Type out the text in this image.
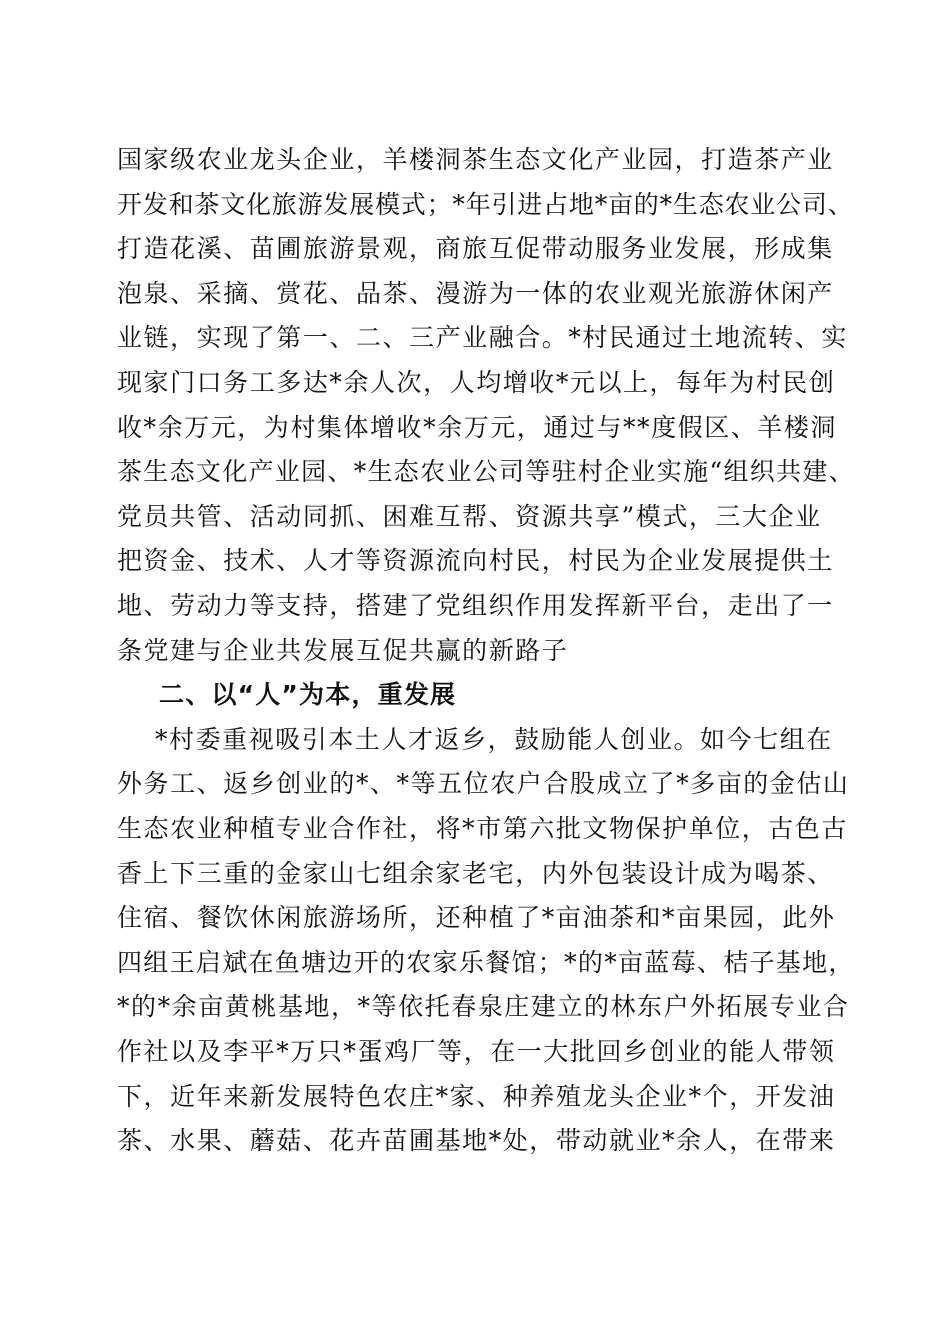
国家级农业龙头企业，羊楼洞茶生态文化产业园，打造茶产业
开发和茶文化旅游发展模式；*年引进占地*亩的*生态农业公司、
打造花溪、苗圃旅游景观，商旅互促带动服务业发展，形成集
泡泉、采摘、赏花、品茶、漫游为一体的农业观光旅游休闲产
业链，实现了第一、二、三产业融合。*村民通过土地流转、实
现家门口务工多达*余人次，人均增收*元以上，每年为村民创
收*余万元，为村集体增收*余万元，通过与**度假区、羊楼洞
茶生态文化产业园、*生态农业公司等驻村企业实施“组织共建、
党员共管、活动同抓、困难互帮、资源共享”模式，三大企业
把资金、技术、人才等资源流向村民，村民为企业发展提供土
地、劳动力等支持，搭建了党组织作用发挥新平台，走出了一
条党建与企业共发展互促共赢的新路子
二、以“人”为本，重发展
*村委重视吸引本土人才返乡，鼓励能人创业。如今七组在
外务工、返乡创业的*、*等五位农户合股成立了*多亩的金估山
生态农业种植专业合作社，将*市第六批文物保护单位，古色古
香上下三重的金家山七组余家老宅，内外包装设计成为喝茶、
住宿、餐饮休闲旅游场所，还种植了*亩油茶和*亩果园，此外
四组王启斌在鱼塘边开的农家乐餐馆；*的*亩蓝莓、桔子基地，
*的*余亩黄桃基地，*等依托春泉庄建立的林东户外拓展专业合
作社以及李平*万只*蛋鸡厂等，在一大批回乡创业的能人带领
下，近年来新发展特色农庄*家、种养殖龙头企业*个，开发油
茶、水果、蘑菇、花卉苗圃基地*处，带动就业*余人，在带来
